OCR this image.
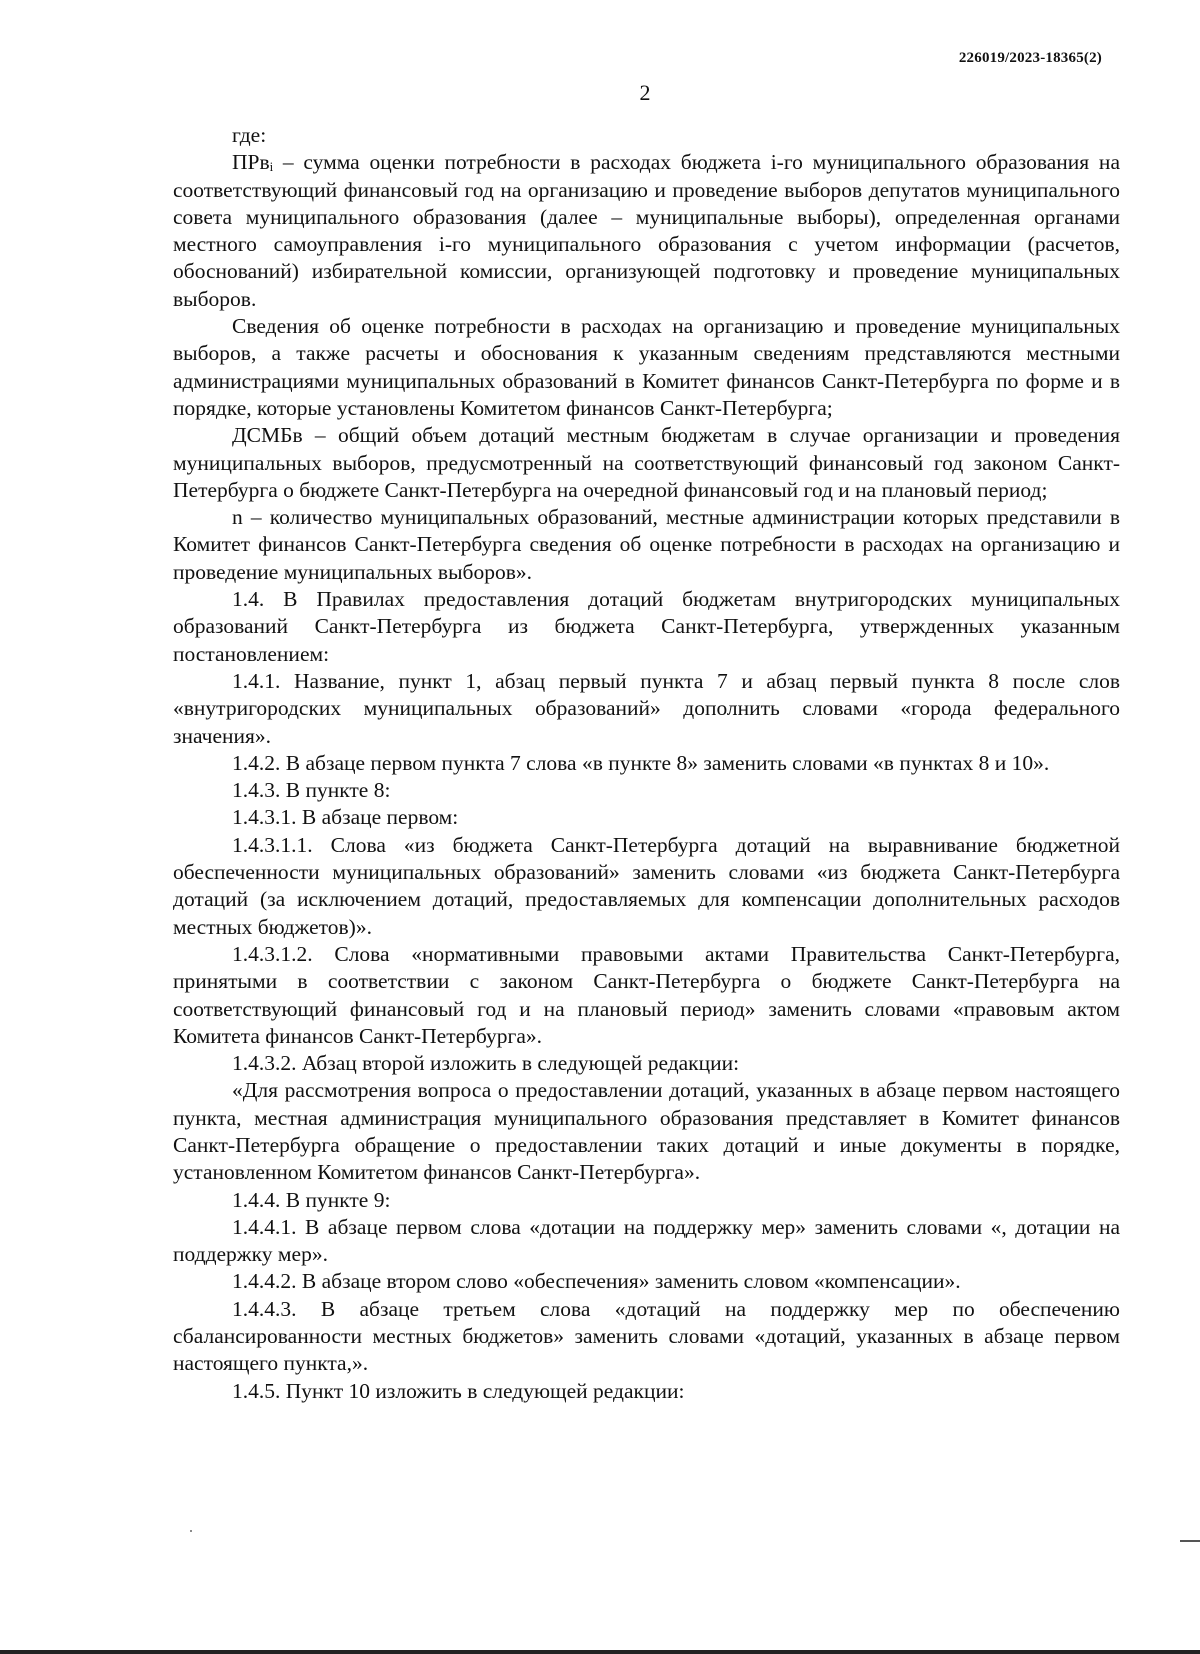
226019/2023-18365(2)
2

где:

ПРвᵢ – сумма оценки потребности в расходах бюджета i-го муниципального образования на соответствующий финансовый год на организацию и проведение выборов депутатов муниципального совета муниципального образования (далее – муниципальные выборы), определенная органами местного самоуправления i-го муниципального образования с учетом информации (расчетов, обоснований) избирательной комиссии, организующей подготовку и проведение муниципальных выборов.

Сведения об оценке потребности в расходах на организацию и проведение муниципальных выборов, а также расчеты и обоснования к указанным сведениям представляются местными администрациями муниципальных образований в Комитет финансов Санкт-Петербурга по форме и в порядке, которые установлены Комитетом финансов Санкт-Петербурга;

ДСМБв – общий объем дотаций местным бюджетам в случае организации и проведения муниципальных выборов, предусмотренный на соответствующий финансовый год законом Санкт-Петербурга о бюджете Санкт-Петербурга на очередной финансовый год и на плановый период;

n – количество муниципальных образований, местные администрации которых представили в Комитет финансов Санкт-Петербурга сведения об оценке потребности в расходах на организацию и проведение муниципальных выборов».

1.4. В Правилах предоставления дотаций бюджетам внутригородских муниципальных образований Санкт-Петербурга из бюджета Санкт-Петербурга, утвержденных указанным постановлением:

1.4.1. Название, пункт 1, абзац первый пункта 7 и абзац первый пункта 8 после слов «внутригородских муниципальных образований» дополнить словами «города федерального значения».

1.4.2. В абзаце первом пункта 7 слова «в пункте 8» заменить словами «в пунктах 8 и 10».

1.4.3. В пункте 8:

1.4.3.1. В абзаце первом:

1.4.3.1.1. Слова «из бюджета Санкт-Петербурга дотаций на выравнивание бюджетной обеспеченности муниципальных образований» заменить словами «из бюджета Санкт-Петербурга дотаций (за исключением дотаций, предоставляемых для компенсации дополнительных расходов местных бюджетов)».

1.4.3.1.2. Слова «нормативными правовыми актами Правительства Санкт-Петербурга, принятыми в соответствии с законом Санкт-Петербурга о бюджете Санкт-Петербурга на соответствующий финансовый год и на плановый период» заменить словами «правовым актом Комитета финансов Санкт-Петербурга».

1.4.3.2. Абзац второй изложить в следующей редакции:

«Для рассмотрения вопроса о предоставлении дотаций, указанных в абзаце первом настоящего пункта, местная администрация муниципального образования представляет в Комитет финансов Санкт-Петербурга обращение о предоставлении таких дотаций и иные документы в порядке, установленном Комитетом финансов Санкт-Петербурга».

1.4.4. В пункте 9:

1.4.4.1. В абзаце первом слова «дотации на поддержку мер» заменить словами «, дотации на поддержку мер».

1.4.4.2. В абзаце втором слово «обеспечения» заменить словом «компенсации».

1.4.4.3. В абзаце третьем слова «дотаций на поддержку мер по обеспечению сбалансированности местных бюджетов» заменить словами «дотаций, указанных в абзаце первом настоящего пункта,».

1.4.5. Пункт 10 изложить в следующей редакции:
